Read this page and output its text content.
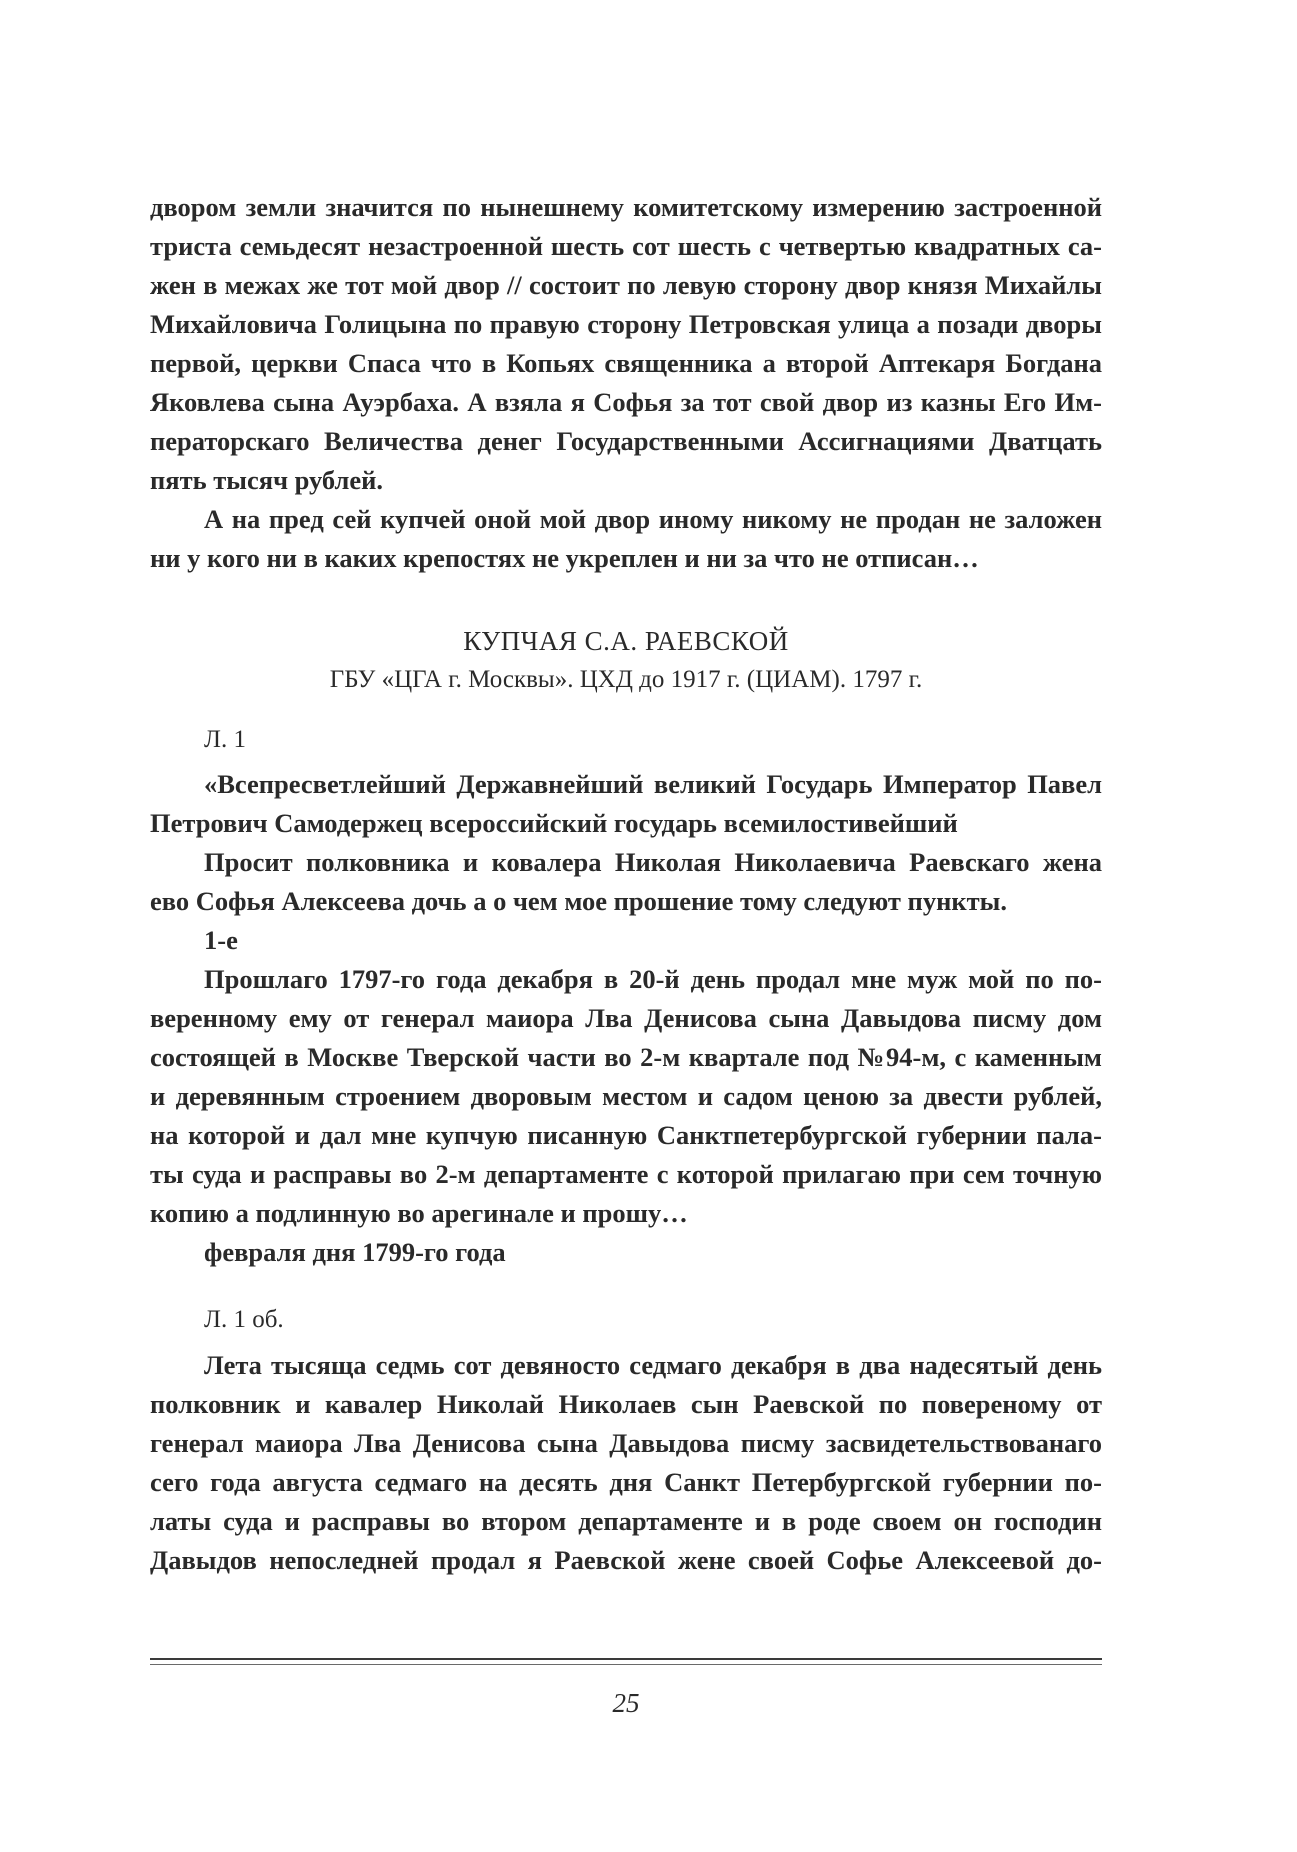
двором земли значится по нынешнему комитетскому измерению застроенной

триста семьдесят незастроенной шесть сот шесть с четвертью квадратных са-

жен в межах же тот мой двор // состоит по левую сторону двор князя Михайлы

Михайловича Голицына по правую сторону Петровская улица а позади дворы

первой, церкви Спаса что в Копьях священника а второй Аптекаря Богдана

Яковлева сына Ауэрбаха. А взяла я Софья за тот свой двор из казны Его Им-

ператорскаго Величества денег Государственными Ассигнациями Дватцать

пять тысяч рублей.

А на пред сей купчей оной мой двор иному никому не продан не заложен

ни у кого ни в каких крепостях не укреплен и ни за что не отписан…

КУПЧАЯ С.А. РАЕВСКОЙ

ГБУ «ЦГА г. Москвы». ЦХД до 1917 г. (ЦИАМ). 1797 г.

Л. 1

«Всепресветлейший Державнейший великий Государь Император Павел

Петрович Самодержец всероссийский государь всемилостивейший

Просит полковника и ковалера Николая Николаевича Раевскаго жена

ево Софья Алексеева дочь а о чем мое прошение тому следуют пункты.

1-е

Прошлаго 1797-го года декабря в 20-й день продал мне муж мой по по-

веренному ему от генерал маиора Лва Денисова сына Давыдова писму дом

состоящей в Москве Тверской части во 2-м квартале под №94-м, с каменным

и деревянным строением дворовым местом и садом ценою за двести рублей,

на которой и дал мне купчую писанную Санктпетербургской губернии пала-

ты суда и расправы во 2-м департаменте с которой прилагаю при сем точную

копию а подлинную во арегинале и прошу…

февраля дня 1799-го года

Л. 1 об.

Лета тысяща седмь сот девяносто седмаго декабря в два надесятый день

полковник и кавалер Николай Николаев сын Раевской по повереному от

генерал маиора Лва Денисова сына Давыдова писму засвидетельствованаго

сего года августа седмаго на десять дня Санкт Петербургской губернии по-

латы суда и расправы во втором департаменте и в роде своем он господин

Давыдов непоследней продал я Раевской жене своей Софье Алексеевой до-

25
